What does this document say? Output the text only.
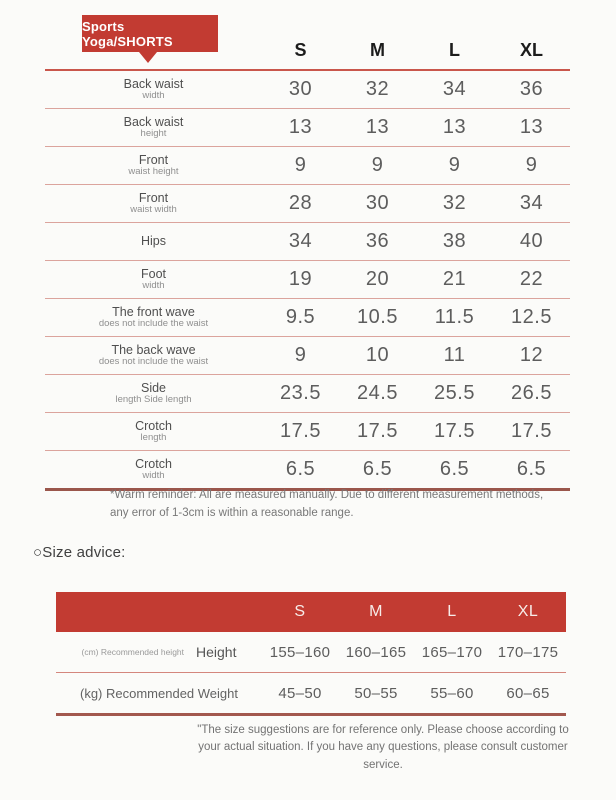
Sports Yoga/SHORTS	S	M	L	XL
Back waist
width	30	32	34	36
Back waist
height	13	13	13	13
Front
waist height	9	9	9	9
Front
waist width	28	30	32	34
Hips	34	36	38	40
Foot
width	19	20	21	22
The front wave
does not include the waist	9.5	10.5	11.5	12.5
The back wave
does not include the waist	9	10	11	12
Side
length Side length	23.5	24.5	25.5	26.5
Crotch
length	17.5	17.5	17.5	17.5
Crotch
width	6.5	6.5	6.5	6.5
*Warm reminder: All are measured manually. Due to different measurement methods, any error of 1-3cm is within a reasonable range.
○Size advice:
S	M	L	XL
(cm) Recommended height Height	155–160	160–165	165–170	170–175
(kg) Recommended Weight	45–50	50–55	55–60	60–65
"The size suggestions are for reference only. Please choose according to your actual situation. If you have any questions, please consult customer service.
